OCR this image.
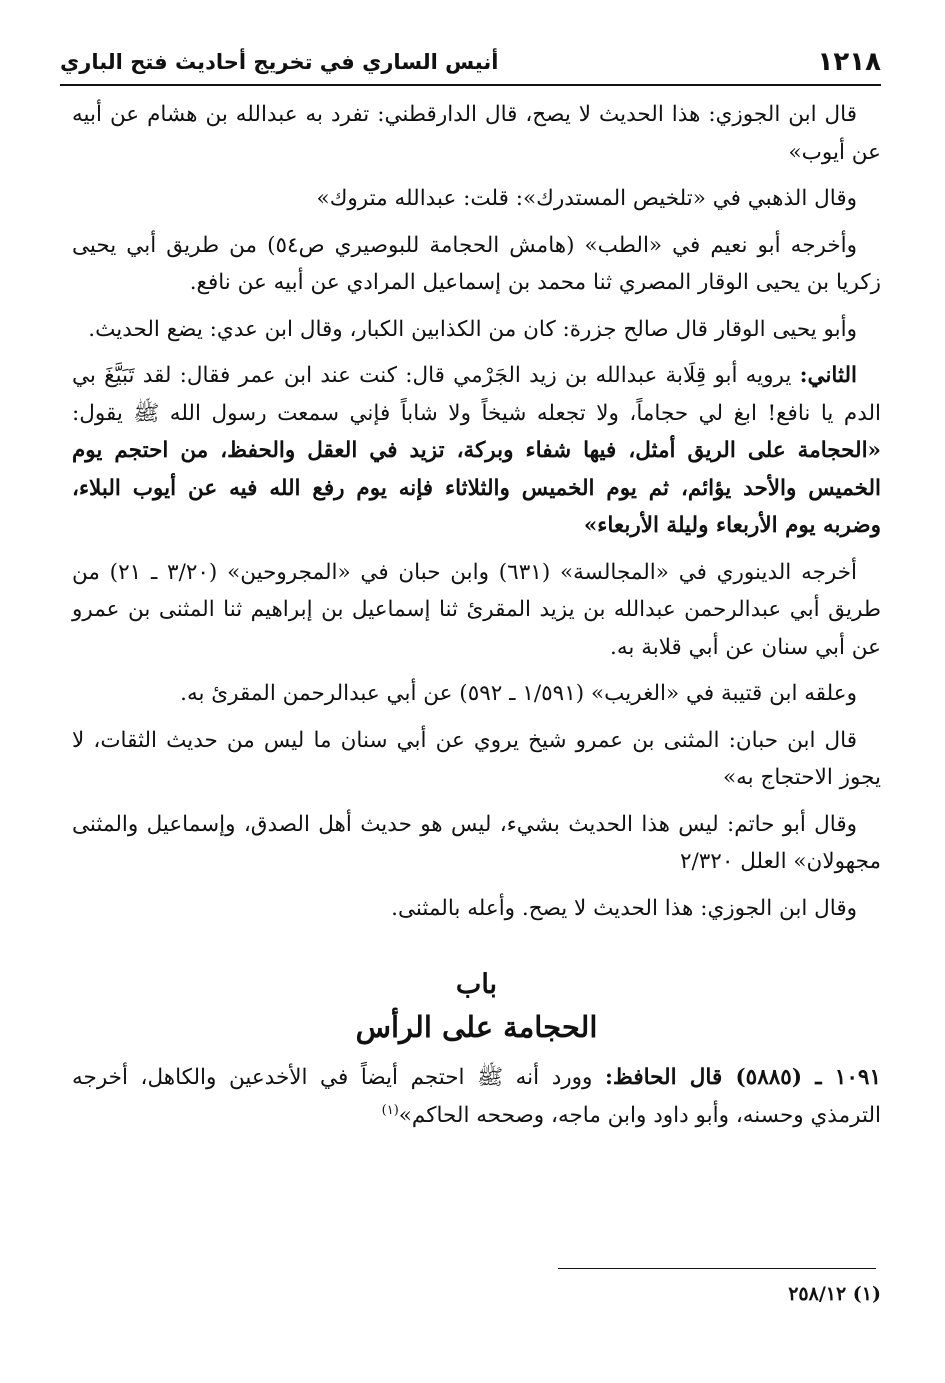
١٢١٨
أنيس الساري في تخريج أحاديث فتح الباري

قال ابن الجوزي: هذا الحديث لا يصح، قال الدارقطني: تفرد به عبدالله بن هشام عن أبيه عن أيوب»

وقال الذهبي في «تلخيص المستدرك»: قلت: عبدالله متروك»

وأخرجه أبو نعيم في «الطب» (هامش الحجامة للبوصيري ص٥٤) من طريق أبي يحيى زكريا بن يحيى الوقار المصري ثنا محمد بن إسماعيل المرادي عن أبيه عن نافع.

وأبو يحيى الوقار قال صالح جزرة: كان من الكذابين الكبار، وقال ابن عدي: يضع الحديث.

الثاني: يرويه أبو قِلَابة عبدالله بن زيد الجَرْمي قال: كنت عند ابن عمر فقال: لقد تَبَيَّغَ بي الدم يا نافع! ابغ لي حجاماً، ولا تجعله شيخاً ولا شاباً فإني سمعت رسول الله ﷺ يقول: «الحجامة على الريق أمثل، فيها شفاء وبركة، تزيد في العقل والحفظ، من احتجم يوم الخميس والأحد يؤائم، ثم يوم الخميس والثلاثاء فإنه يوم رفع الله فيه عن أيوب البلاء، وضربه يوم الأربعاء وليلة الأربعاء»

أخرجه الدينوري في «المجالسة» (٦٣١) وابن حبان في «المجروحين» (٣/٢٠ ـ ٢١) من طريق أبي عبدالرحمن عبدالله بن يزيد المقرئ ثنا إسماعيل بن إبراهيم ثنا المثنى بن عمرو عن أبي سنان عن أبي قلابة به.

وعلقه ابن قتيبة في «الغريب» (١/٥٩١ ـ ٥٩٢) عن أبي عبدالرحمن المقرئ به.

قال ابن حبان: المثنى بن عمرو شيخ يروي عن أبي سنان ما ليس من حديث الثقات، لا يجوز الاحتجاج به»

وقال أبو حاتم: ليس هذا الحديث بشيء، ليس هو حديث أهل الصدق، وإسماعيل والمثنى مجهولان» العلل ٢/٣٢٠

وقال ابن الجوزي: هذا الحديث لا يصح. وأعله بالمثنى.

باب

الحجامة على الرأس

١٠٩١ ـ (٥٨٨٥) قال الحافظ: وورد أنه ﷺ احتجم أيضاً في الأخدعين والكاهل، أخرجه الترمذي وحسنه، وأبو داود وابن ماجه، وصححه الحاكم»$^{(١)}$

(١) ٢٥٨/١٢
